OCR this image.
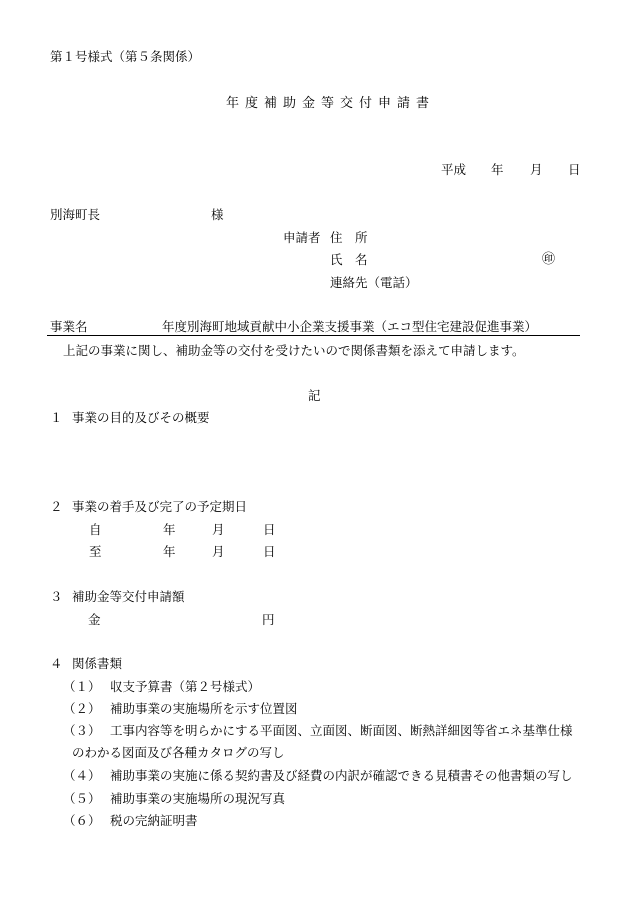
第１号様式（第５条関係）
年度補助金等交付申請書
平成 年 月 日
別海町長	様
申請者 住　所
氏　名	㊞
連絡先（電話）
事業名	年度別海町地域貢献中小企業支援事業（エコ型住宅建設促進事業）
上記の事業に関し、補助金等の交付を受けたいので関係書類を添えて申請します。
記
１ 事業の目的及びその概要
２ 事業の着手及び完了の予定期日
自	年	月	日
至	年	月	日
３ 補助金等交付申請額
金	円
４ 関係書類
（１） 収支予算書（第２号様式）
（２） 補助事業の実施場所を示す位置図
（３） 工事内容等を明らかにする平面図、立面図、断面図、断熱詳細図等省エネ基準仕様
のわかる図面及び各種カタログの写し
（４） 補助事業の実施に係る契約書及び経費の内訳が確認できる見積書その他書類の写し
（５） 補助事業の実施場所の現況写真
（６） 税の完納証明書
